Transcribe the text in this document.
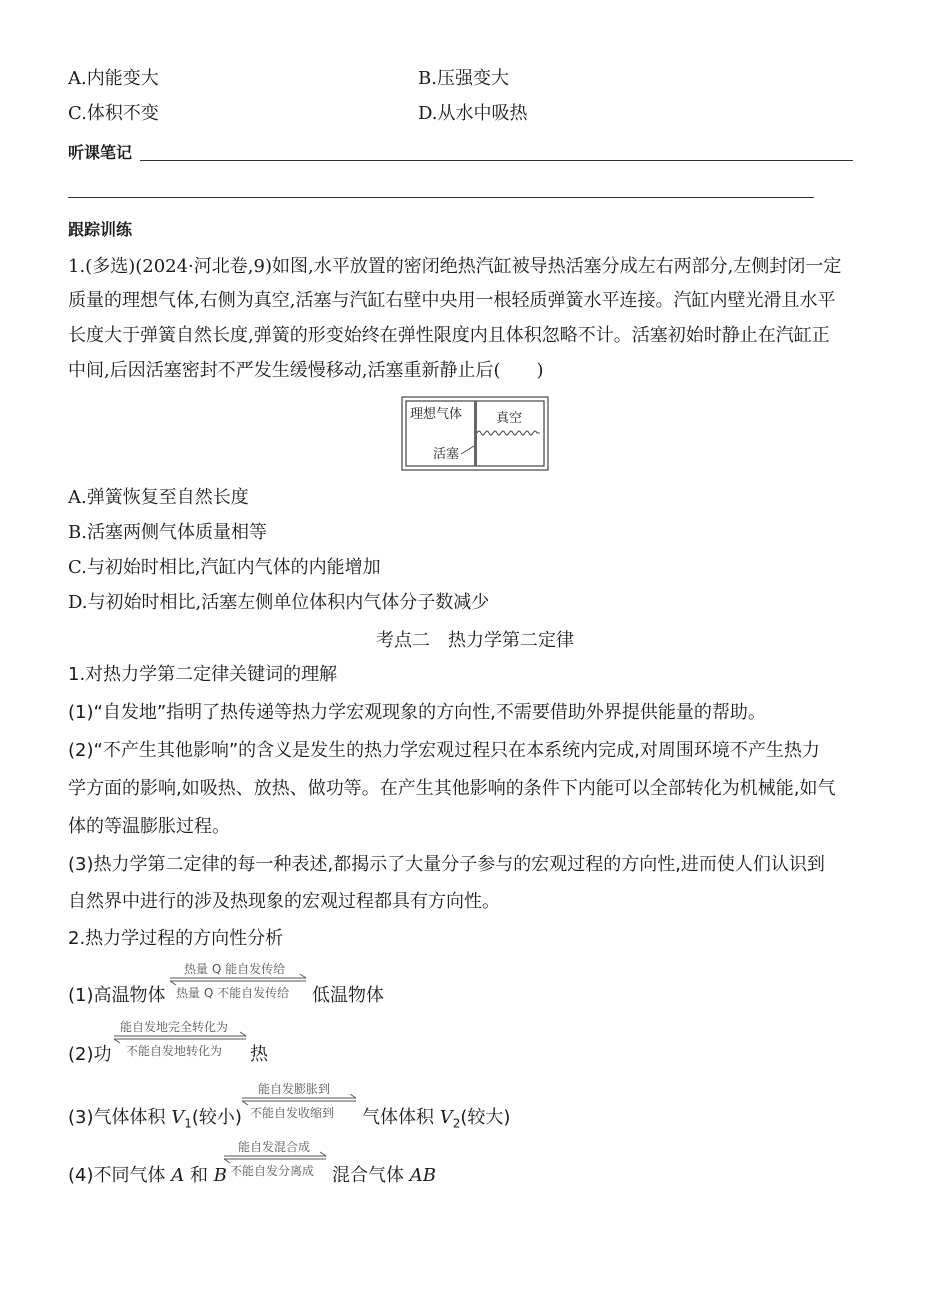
A.内能变大	B.压强变大
C.体积不变	D.从水中吸热
听课笔记
跟踪训练
1.(多选)(2024·河北卷,9)如图,水平放置的密闭绝热汽缸被导热活塞分成左右两部分,左侧封闭一定
质量的理想气体,右侧为真空,活塞与汽缸右壁中央用一根轻质弹簧水平连接。汽缸内壁光滑且水平
长度大于弹簧自然长度,弹簧的形变始终在弹性限度内且体积忽略不计。活塞初始时静止在汽缸正
中间,后因活塞密封不严发生缓慢移动,活塞重新静止后(　　)
理想气体	真空
活塞
A.弹簧恢复至自然长度
B.活塞两侧气体质量相等
C.与初始时相比,汽缸内气体的内能增加
D.与初始时相比,活塞左侧单位体积内气体分子数减少
考点二　热力学第二定律
1.对热力学第二定律关键词的理解
(1)“自发地”指明了热传递等热力学宏观现象的方向性,不需要借助外界提供能量的帮助。
(2)“不产生其他影响”的含义是发生的热力学宏观过程只在本系统内完成,对周围环境不产生热力
学方面的影响,如吸热、放热、做功等。在产生其他影响的条件下内能可以全部转化为机械能,如气
体的等温膨胀过程。
(3)热力学第二定律的每一种表述,都揭示了大量分子参与的宏观过程的方向性,进而使人们认识到
自然界中进行的涉及热现象的宏观过程都具有方向性。
2.热力学过程的方向性分析
(1)高温物体
热量 Q 能自发传给
热量 Q 不能自发传给 低温物体
(2)功
能自发地完全转化为
不能自发地转化为 热
(3)气体体积 $V_1$(较小)
能自发膨胀到
不能自发收缩到 气体体积 $V_2$(较大)
(4)不同气体 A 和 B
能自发混合成
不能自发分离成 混合气体 AB
